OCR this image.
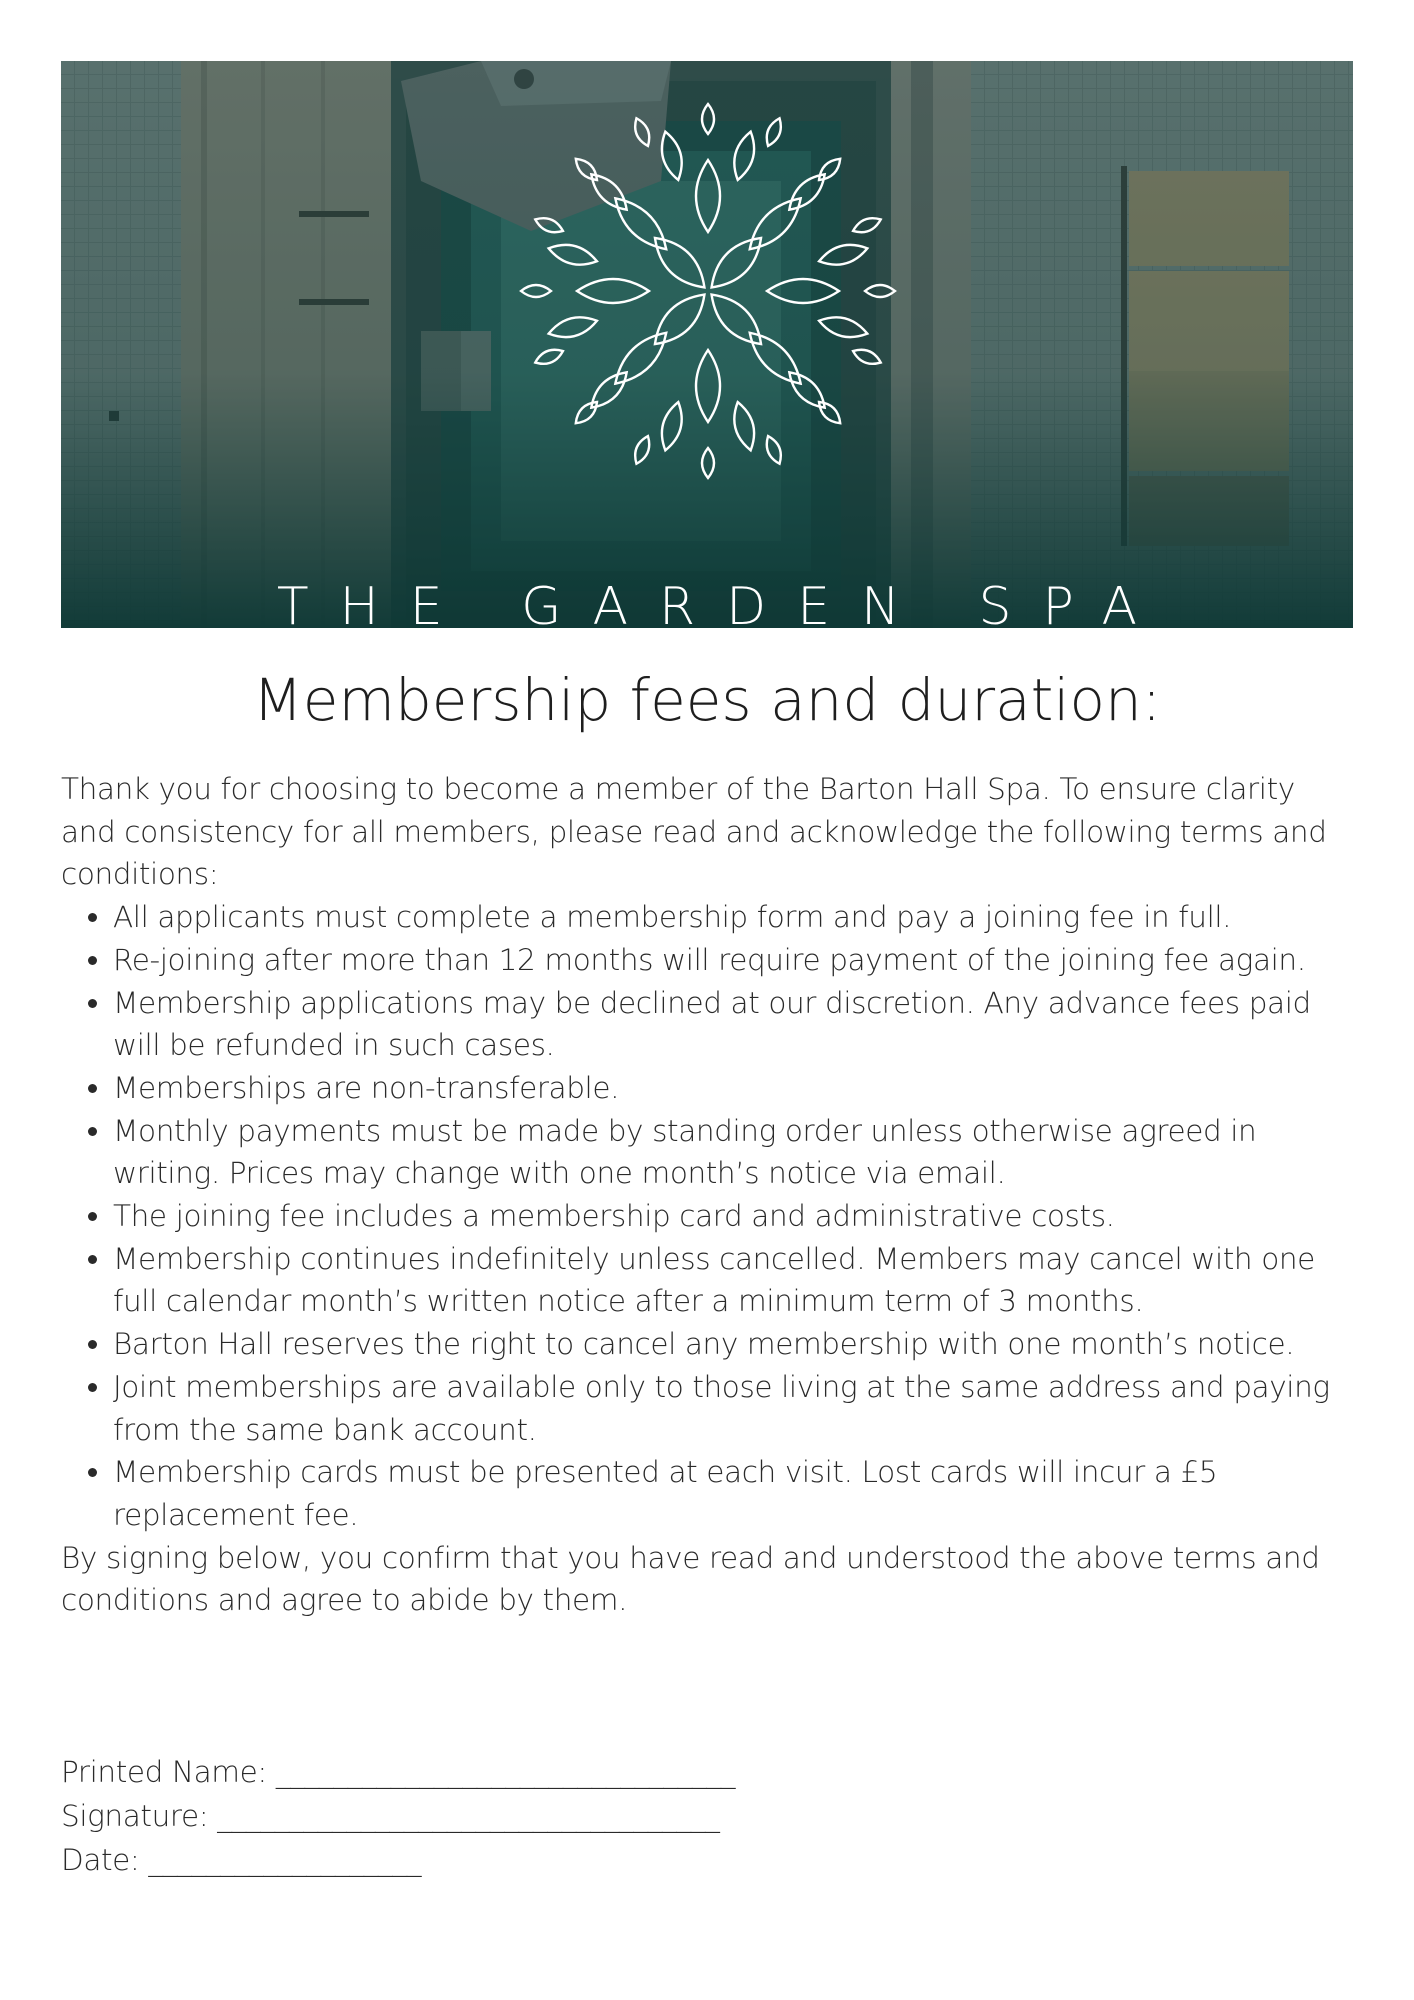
THE GARDEN SPA
Membership fees and duration:

Thank you for choosing to become a member of the Barton Hall Spa. To ensure clarity and consistency for all members, please read and acknowledge the following terms and conditions:

• All applicants must complete a membership form and pay a joining fee in full.
• Re-joining after more than 12 months will require payment of the joining fee again.
• Membership applications may be declined at our discretion. Any advance fees paid will be refunded in such cases.
• Memberships are non-transferable.
• Monthly payments must be made by standing order unless otherwise agreed in writing. Prices may change with one month’s notice via email.
• The joining fee includes a membership card and administrative costs.
• Membership continues indefinitely unless cancelled. Members may cancel with one full calendar month’s written notice after a minimum term of 3 months.
• Barton Hall reserves the right to cancel any membership with one month’s notice.
• Joint memberships are available only to those living at the same address and paying from the same bank account.
• Membership cards must be presented at each visit. Lost cards will incur a £5 replacement fee.

By signing below, you confirm that you have read and understood the above terms and conditions and agree to abide by them.

Printed Name: ________________________________
Signature: ___________________________________
Date: ___________________
